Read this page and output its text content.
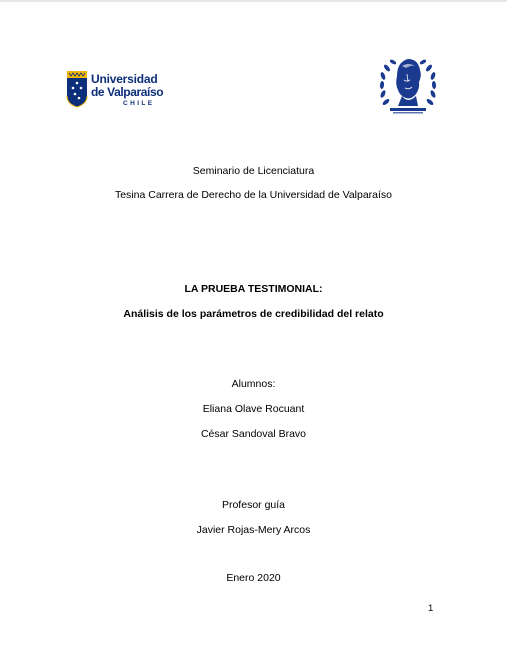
Universidad
de Valparaíso
CHILE
Seminario de Licenciatura
Tesina Carrera de Derecho de la Universidad de Valparaíso
LA PRUEBA TESTIMONIAL:
Análisis de los parámetros de credibilidad del relato
Alumnos:
Eliana Olave Rocuant
César Sandoval Bravo
Profesor guía
Javier Rojas-Mery Arcos
Enero 2020
1
